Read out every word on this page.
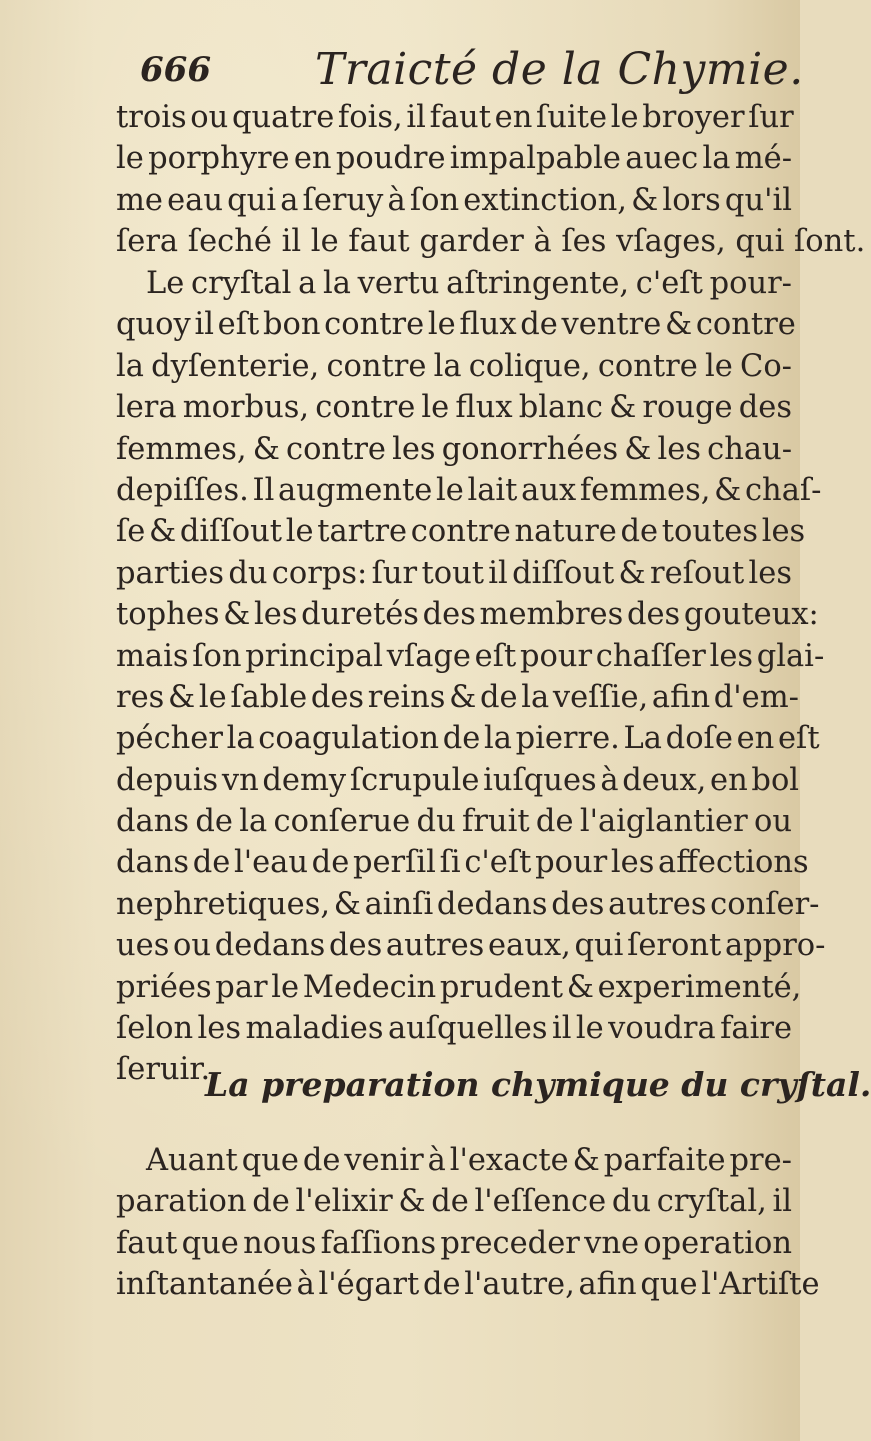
666 Traicté de la Chymie.
trois ou quatre fois, il faut en ſuite le broyer ſur
le porphyre en poudre impalpable auec la mé-
me eau qui a ſeruy à ſon extinction, & lors qu'il
ſera ſeché il le faut garder à ſes vſages, qui ſont.
Le cryſtal a la vertu aſtringente, c'eſt pour-
quoy il eſt bon contre le flux de ventre & contre
la dyſenterie, contre la colique, contre le Co-
lera morbus, contre le flux blanc & rouge des
femmes, & contre les gonorrhées & les chau-
depiſſes. Il augmente le lait aux femmes, & chaſ-
ſe & diſſout le tartre contre nature de toutes les
parties du corps: ſur tout il diſſout & reſout les
tophes & les duretés des membres des gouteux:
mais ſon principal vſage eſt pour chaſſer les glai-
res & le ſable des reins & de la veſſie, afin d'em-
pécher la coagulation de la pierre. La doſe en eſt
depuis vn demy ſcrupule iuſques à deux, en bol
dans de la conſerue du fruit de l'aiglantier ou
dans de l'eau de perſil ſi c'eſt pour les affections
nephretiques, & ainſi dedans des autres conſer-
ues ou dedans des autres eaux, qui ſeront appro-
priées par le Medecin prudent & experimenté,
ſelon les maladies auſquelles il le voudra faire
ſeruir.
La preparation chymique du cryſtal.
Auant que de venir à l'exacte & parfaite pre-
paration de l'elixir & de l'eſſence du cryſtal, il
faut que nous faſſions preceder vne operation
inſtantanée à l'égart de l'autre, afin que l'Artiſte
